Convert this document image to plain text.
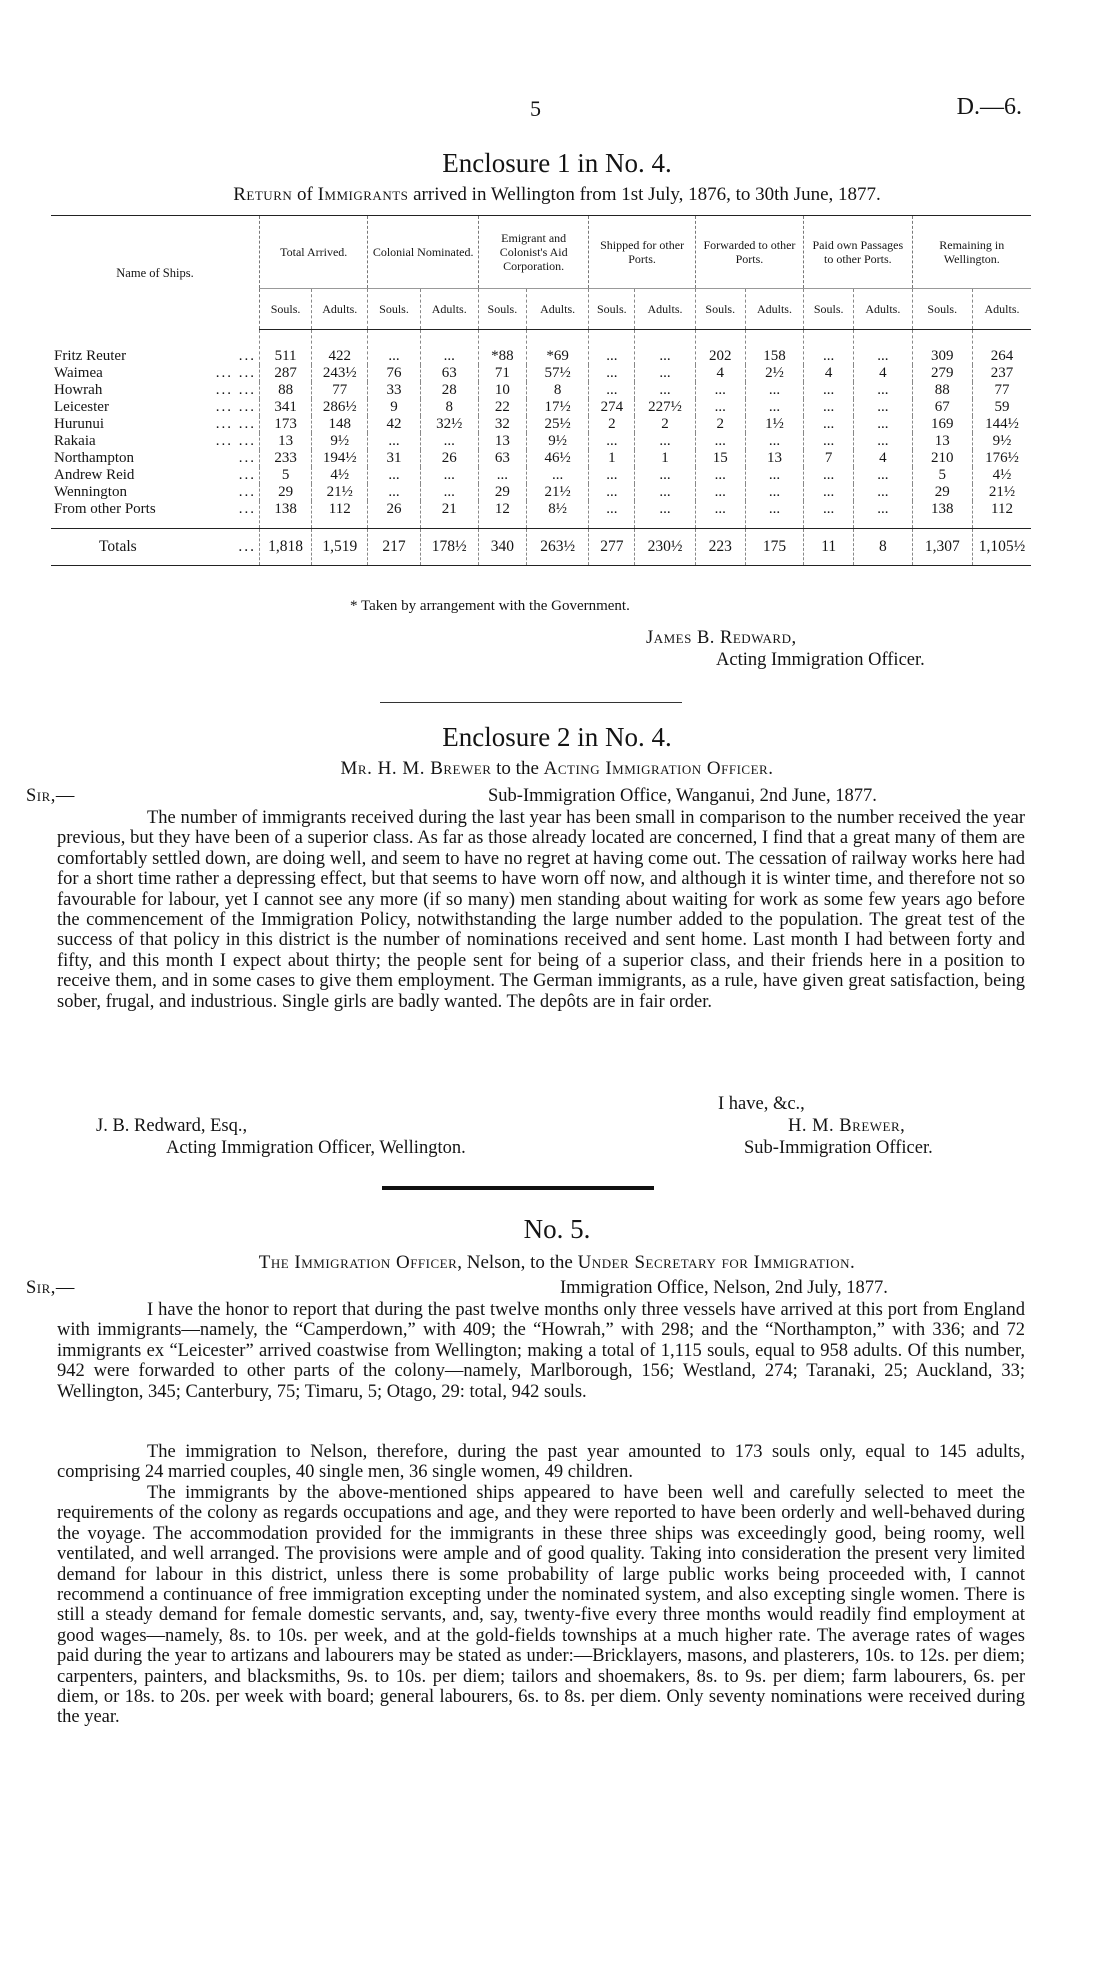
5	D.—6.
Enclosure 1 in No. 4.
Return of Immigrants arrived in Wellington from 1st July, 1876, to 30th June, 1877.
Name of Ships.	Total Arrived.		Colonial Nominated.		Emigrant and Colonist's Aid Corporation.		Shipped for other Ports.		Forwarded to other Ports.		Paid own Passages to other Ports.		Remaining in Wellington.	
	Souls.	Adults.	Souls.	Adults.	Souls.	Adults.	Souls.	Adults.	Souls.	Adults.	Souls.	Adults.	Souls.	Adults.
Fritz Reuter ...	511	422	...	...	*88	*69	...	...	202	158	...	...	309	264
Waimea ... ...	287	243½	76	63	71	57½	...	...	4	2½	4	4	279	237
Howrah ... ...	88	77	33	28	10	8	...	...	...	...	...	...	88	77
Leicester ... ...	341	286½	9	8	22	17½	274	227½	...	...	...	...	67	59
Hurunui ... ...	173	148	42	32½	32	25½	2	2	2	1½	...	...	169	144½
Rakaia ... ...	13	9½	...	...	13	9½	...	...	...	...	...	...	13	9½
Northampton ...	233	194½	31	26	63	46½	1	1	15	13	7	4	210	176½
Andrew Reid ...	5	4½	...	...	...	...	...	...	...	...	...	...	5	4½
Wennington ...	29	21½	...	...	29	21½	...	...	...	...	...	...	29	21½
From other Ports ...	138	112	26	21	12	8½	...	...	...	...	...	...	138	112
Totals ...	1,818	1,519	217	178½	340	263½	277	230½	223	175	11	8	1,307	1,105½
* Taken by arrangement with the Government.
James B. Redward,
Acting Immigration Officer.
Enclosure 2 in No. 4.
Mr. H. M. Brewer to the Acting Immigration Officer.
Sir,—	Sub-Immigration Office, Wanganui, 2nd June, 1877.
The number of immigrants received during the last year has been small in comparison to the number received the year previous, but they have been of a superior class. As far as those already located are concerned, I find that a great many of them are comfortably settled down, are doing well, and seem to have no regret at having come out. The cessation of railway works here had for a short time rather a depressing effect, but that seems to have worn off now, and although it is winter time, and therefore not so favourable for labour, yet I cannot see any more (if so many) men standing about waiting for work as some few years ago before the commencement of the Immigration Policy, notwithstanding the large number added to the population. The great test of the success of that policy in this district is the number of nominations received and sent home. Last month I had between forty and fifty, and this month I expect about thirty; the people sent for being of a superior class, and their friends here in a position to receive them, and in some cases to give them employment. The German immigrants, as a rule, have given great satisfaction, being sober, frugal, and industrious. Single girls are badly wanted. The depôts are in fair order.
I have, &c.,
J. B. Redward, Esq.,	H. M. Brewer,
Acting Immigration Officer, Wellington.	Sub-Immigration Officer.
No. 5.
The Immigration Officer, Nelson, to the Under Secretary for Immigration.
Sir,—	Immigration Office, Nelson, 2nd July, 1877.
I have the honor to report that during the past twelve months only three vessels have arrived at this port from England with immigrants—namely, the “Camperdown,” with 409; the “Howrah,” with 298; and the “Northampton,” with 336; and 72 immigrants ex “Leicester” arrived coastwise from Wellington; making a total of 1,115 souls, equal to 958 adults. Of this number, 942 were forwarded to other parts of the colony—namely, Marlborough, 156; Westland, 274; Taranaki, 25; Auckland, 33; Wellington, 345; Canterbury, 75; Timaru, 5; Otago, 29: total, 942 souls.
The immigration to Nelson, therefore, during the past year amounted to 173 souls only, equal to 145 adults, comprising 24 married couples, 40 single men, 36 single women, 49 children.
The immigrants by the above-mentioned ships appeared to have been well and carefully selected to meet the requirements of the colony as regards occupations and age, and they were reported to have been orderly and well-behaved during the voyage. The accommodation provided for the immigrants in these three ships was exceedingly good, being roomy, well ventilated, and well arranged. The provisions were ample and of good quality. Taking into consideration the present very limited demand for labour in this district, unless there is some probability of large public works being proceeded with, I cannot recommend a continuance of free immigration excepting under the nominated system, and also excepting single women. There is still a steady demand for female domestic servants, and, say, twenty-five every three months would readily find employment at good wages—namely, 8s. to 10s. per week, and at the gold-fields townships at a much higher rate. The average rates of wages paid during the year to artizans and labourers may be stated as under:—Bricklayers, masons, and plasterers, 10s. to 12s. per diem; carpenters, painters, and blacksmiths, 9s. to 10s. per diem; tailors and shoemakers, 8s. to 9s. per diem; farm labourers, 6s. per diem, or 18s. to 20s. per week with board; general labourers, 6s. to 8s. per diem. Only seventy nominations were received during the year.
